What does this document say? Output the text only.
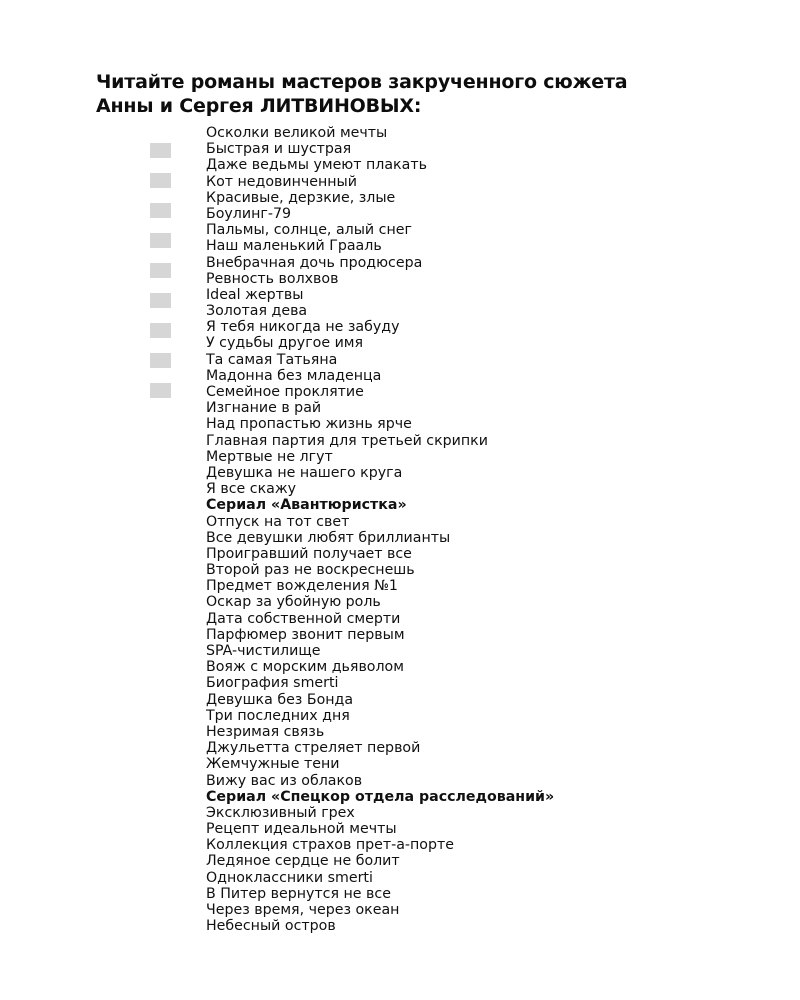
Читайте романы мастеров закрученного сюжета
Анны и Сергея ЛИТВИНОВЫХ:
Осколки великой мечты
Быстрая и шустрая
Даже ведьмы умеют плакать
Кот недовинченный
Красивые, дерзкие, злые
Боулинг-79
Пальмы, солнце, алый снег
Наш маленький Грааль
Внебрачная дочь продюсера
Ревность волхвов
Ideal жертвы
Золотая дева
Я тебя никогда не забуду
У судьбы другое имя
Та самая Татьяна
Мадонна без младенца
Семейное проклятие
Изгнание в рай
Над пропастью жизнь ярче
Главная партия для третьей скрипки
Мертвые не лгут
Девушка не нашего круга
Я все скажу
Сериал «Авантюристка»
Отпуск на тот свет
Все девушки любят бриллианты
Проигравший получает все
Второй раз не воскреснешь
Предмет вожделения №1
Оскар за убойную роль
Дата собственной смерти
Парфюмер звонит первым
SPA-чистилище
Вояж с морским дьяволом
Биография smerti
Девушка без Бонда
Три последних дня
Незримая связь
Джульетта стреляет первой
Жемчужные тени
Вижу вас из облаков
Сериал «Спецкор отдела расследований»
Эксклюзивный грех
Рецепт идеальной мечты
Коллекция страхов прет-а-порте
Ледяное сердце не болит
Одноклассники smerti
В Питер вернутся не все
Через время, через океан
Небесный остров
